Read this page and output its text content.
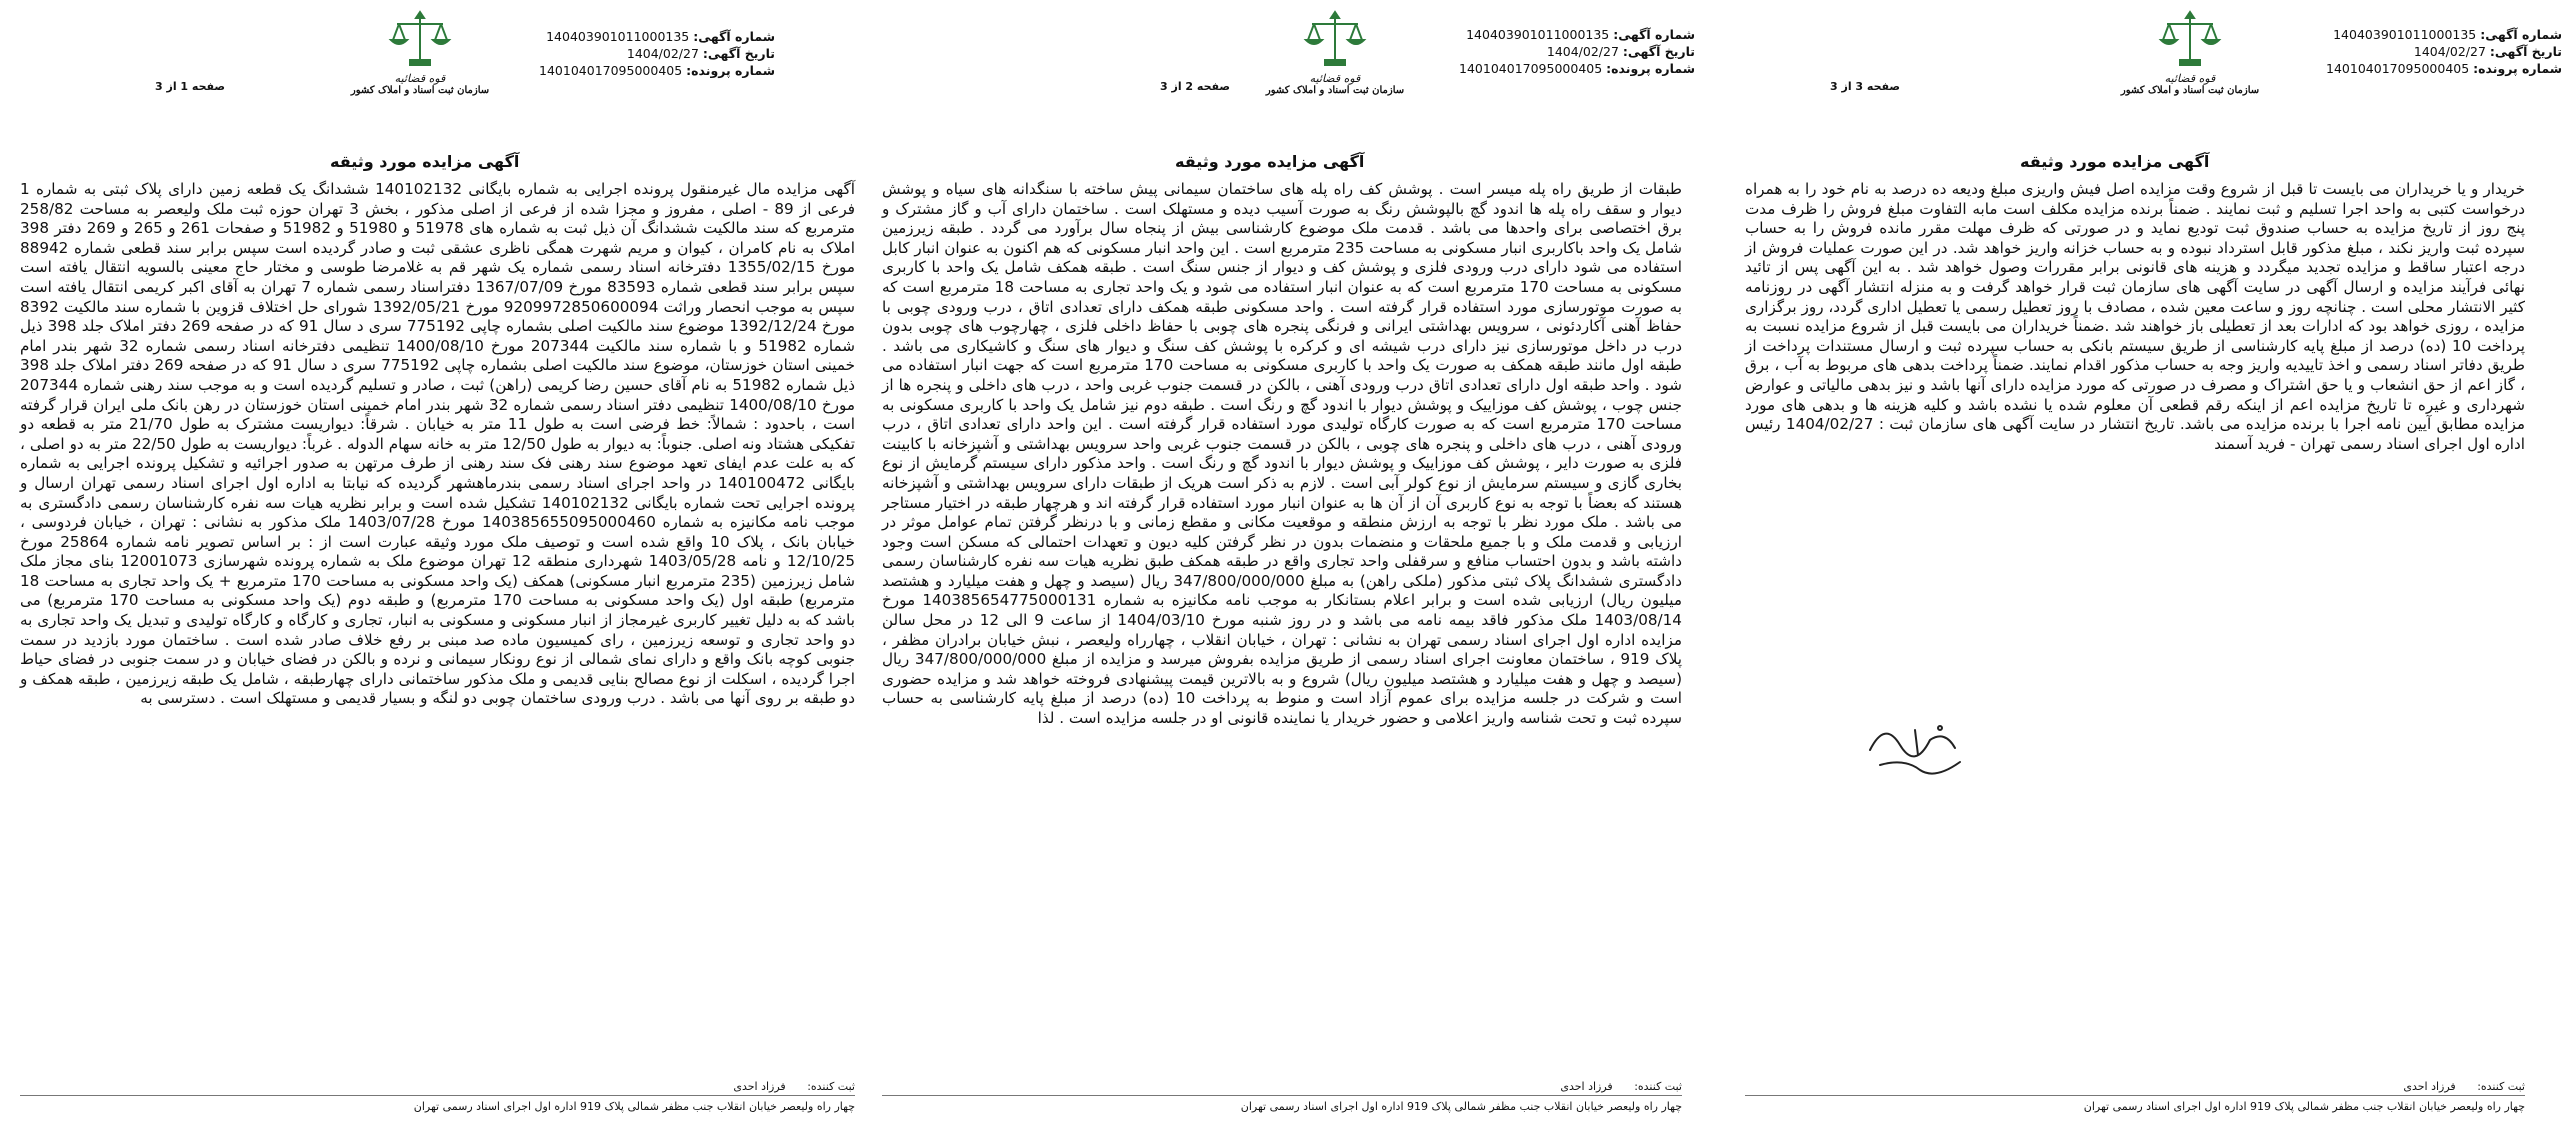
شماره آگهی: 140403901011000135
تاریخ آگهی: 1404/02/27
شماره پرونده: 140104017095000405
قوه قضائیه
سازمان ثبت اسناد و املاک کشور
صفحه 3 از 3
آگهی مزایده مورد وثیقه
خریدار و یا خریداران می بایست تا قبل از شروع وقت مزایده اصل فیش واریزی مبلغ ودیعه ده درصد به نام خود را به همراه درخواست کتبی به واحد اجرا تسلیم و ثبت نمایند . ضمناً برنده مزایده مکلف است مابه التفاوت مبلغ فروش را ظرف مدت پنج روز از تاریخ مزایده به حساب صندوق ثبت تودیع نماید و در صورتی که ظرف مهلت مقرر مانده فروش را به حساب سپرده ثبت واریز نکند ، مبلغ مذکور قابل استرداد نبوده و به حساب خزانه واریز خواهد شد. در این صورت عملیات فروش از درجه اعتبار ساقط و مزایده تجدید میگردد و هزینه های قانونی برابر مقررات وصول خواهد شد . به این آگهی پس از تائید نهائی فرآیند مزایده و ارسال آگهی در سایت آگهی های سازمان ثبت قرار خواهد گرفت و به منزله انتشار آگهی در روزنامه کثیر الانتشار محلی است . چنانچه روز و ساعت معین شده ، مصادف با روز تعطیل رسمی یا تعطیل اداری گردد، روز برگزاری مزایده ، روزی خواهد بود که ادارات بعد از تعطیلی باز خواهند شد .ضمناً خریداران می بایست قبل از شروع مزایده نسبت به پرداخت 10 (ده) درصد از مبلغ پایه کارشناسی از طریق سیستم بانکی به حساب سپرده ثبت و ارسال مستندات پرداخت از طریق دفاتر اسناد رسمی و اخذ تاییدیه واریز وجه به حساب مذکور اقدام نمایند. ضمناً پرداخت بدهی های مربوط به آب ، برق ، گاز اعم از حق انشعاب و یا حق اشتراک و مصرف در صورتی که مورد مزایده دارای آنها باشد و نیز بدهی مالیاتی و عوارض شهرداری و غیره تا تاریخ مزایده اعم از اینکه رقم قطعی آن معلوم شده یا نشده باشد و کلیه هزینه ها و بدهی های مورد مزایده مطابق آیین نامه اجرا با برنده مزایده می باشد. تاریخ انتشار در سایت آگهی های سازمان ثبت : 1404/02/27 رئیس اداره اول اجرای اسناد رسمی تهران - فرید آسمند
ثبت کننده: فرزاد احدی
چهار راه ولیعصر خیابان انقلاب جنب مظفر شمالی پلاک 919 اداره اول اجرای اسناد رسمی تهران
شماره آگهی: 140403901011000135
تاریخ آگهی: 1404/02/27
شماره پرونده: 140104017095000405
قوه قضائیه
سازمان ثبت اسناد و املاک کشور
صفحه 2 از 3
آگهی مزایده مورد وثیقه
طبقات از طریق راه پله میسر است . پوشش کف راه پله های ساختمان سیمانی پیش ساخته با سنگدانه های سیاه و پوشش دیوار و سقف راه پله ها اندود گچ بالپوشش رنگ به صورت آسیب دیده و مستهلک است . ساختمان دارای آب و گاز مشترک و برق اختصاصی برای واحدها می باشد . قدمت ملک موضوع کارشناسی بیش از پنجاه سال برآورد می گردد . طبقه زیرزمین شامل یک واحد باکاربری انبار مسکونی به مساحت 235 مترمربع است . این واحد انبار مسکونی که هم اکنون به عنوان انبار کابل استفاده می شود دارای درب ورودی فلزی و پوشش کف و دیوار از جنس سنگ است . طبقه همکف شامل یک واحد با کاربری مسکونی به مساحت 170 مترمربع است که به عنوان انبار استفاده می شود و یک واحد تجاری به مساحت 18 مترمربع است که به صورت موتورسازی مورد استفاده قرار گرفته است . واحد مسکونی طبقه همکف دارای تعدادی اتاق ، درب ورودی چوبی با حفاظ آهنی آکاردئونی ، سرویس بهداشتی ایرانی و فرنگی پنجره های چوبی با حفاظ داخلی فلزی ، چهارچوب های چوبی بدون درب در داخل موتورسازی نیز دارای درب شیشه ای و کرکره با پوشش کف سنگ و دیوار های سنگ و کاشیکاری می باشد . طبقه اول مانند طبقه همکف به صورت یک واحد با کاربری مسکونی به مساحت 170 مترمربع است که جهت انبار استفاده می شود . واحد طبقه اول دارای تعدادی اتاق درب ورودی آهنی ، بالکن در قسمت جنوب غربی واحد ، درب های داخلی و پنجره ها از جنس چوب ، پوشش کف موزاییک و پوشش دیوار با اندود گچ و رنگ است . طبقه دوم نیز شامل یک واحد با کاربری مسکونی به مساحت 170 مترمربع است که به صورت کارگاه تولیدی مورد استفاده قرار گرفته است . این واحد دارای تعدادی اتاق ، درب ورودی آهنی ، درب های داخلی و پنجره های چوبی ، بالکن در قسمت جنوب غربی واحد سرویس بهداشتی و آشپزخانه با کابینت فلزی به صورت دایر ، پوشش کف موزاییک و پوشش دیوار با اندود گچ و رنگ است . واحد مذکور دارای سیستم گرمایش از نوع بخاری گازی و سیستم سرمایش از نوع کولر آبی است . لازم به ذکر است هریک از طبقات دارای سرویس بهداشتی و آشپزخانه هستند که بعضاً با توجه به نوع کاربری آن از آن ها به عنوان انبار مورد استفاده قرار گرفته اند و هرچهار طبقه در اختیار مستاجر می باشد . ملک مورد نظر با توجه به ارزش منطقه و موقعیت مکانی و مقطع زمانی و با درنظر گرفتن تمام عوامل موثر در ارزیابی و قدمت ملک و با جمیع ملحقات و منضمات بدون در نظر گرفتن کلیه دیون و تعهدات احتمالی که مسکن است وجود داشته باشد و بدون احتساب منافع و سرقفلی واحد تجاری واقع در طبقه همکف طبق نظریه هیات سه نفره کارشناسان رسمی دادگستری ششدانگ پلاک ثبتی مذکور (ملکی راهن) به مبلغ 347/800/000/000 ریال (سیصد و چهل و هفت میلیارد و هشتصد میلیون ریال) ارزیابی شده است و برابر اعلام بستانکار به موجب نامه مکانیزه به شماره 140385654775000131 مورخ 1403/08/14 ملک مذکور فاقد بیمه نامه می باشد و در روز شنبه مورخ 1404/03/10 از ساعت 9 الی 12 در محل سالن مزایده اداره اول اجرای اسناد رسمی تهران به نشانی : تهران ، خیابان انقلاب ، چهارراه ولیعصر ، نبش خیابان برادران مظفر ، پلاک 919 ، ساختمان معاونت اجرای اسناد رسمی از طریق مزایده بفروش میرسد و مزایده از مبلغ 347/800/000/000 ریال (سیصد و چهل و هفت میلیارد و هشتصد میلیون ریال) شروع و به بالاترین قیمت پیشنهادی فروخته خواهد شد و مزایده حضوری است و شرکت در جلسه مزایده برای عموم آزاد است و منوط به پرداخت 10 (ده) درصد از مبلغ پایه کارشناسی به حساب سپرده ثبت و تحت شناسه واریز اعلامی و حضور خریدار یا نماینده قانونی او در جلسه مزایده است . لذا
ثبت کننده: فرزاد احدی
چهار راه ولیعصر خیابان انقلاب جنب مظفر شمالی پلاک 919 اداره اول اجرای اسناد رسمی تهران
شماره آگهی: 140403901011000135
تاریخ آگهی: 1404/02/27
شماره پرونده: 140104017095000405
قوه قضائیه
سازمان ثبت اسناد و املاک کشور
صفحه 1 از 3
آگهی مزایده مورد وثیقه
آگهی مزایده مال غیرمنقول پرونده اجرایی به شماره بایگانی 140102132 ششدانگ یک قطعه زمین دارای پلاک ثبتی به شماره 1 فرعی از 89 - اصلی ، مفروز و مجزا شده از فرعی از اصلی مذکور ، بخش 3 تهران حوزه ثبت ملک ولیعصر به مساحت 258/82 مترمربع که سند مالکیت ششدانگ آن ذیل ثبت به شماره های 51978 و 51980 و 51982 و صفحات 261 و 265 و 269 دفتر 398 املاک به نام کامران ، کیوان و مریم شهرت همگی ناظری عشقی ثبت و صادر گردیده است سپس برابر سند قطعی شماره 88942 مورخ 1355/02/15 دفترخانه اسناد رسمی شماره یک شهر قم به غلامرضا طوسی و مختار حاج معینی بالسویه انتقال یافته است سپس برابر سند قطعی شماره 83593 مورخ 1367/07/09 دفتراسناد رسمی شماره 7 تهران به آقای اکبر کریمی انتقال یافته است سپس به موجب انحصار وراثت 9209972850600094 مورخ 1392/05/21 شورای حل اختلاف قزوین با شماره سند مالکیت 8392 مورخ 1392/12/24 موضوع سند مالکیت اصلی بشماره چاپی 775192 سری د سال 91 که در صفحه 269 دفتر املاک جلد 398 ذیل شماره 51982 و با شماره سند مالکیت 207344 مورخ 1400/08/10 تنظیمی دفترخانه اسناد رسمی شماره 32 شهر بندر امام خمینی استان خوزستان، موضوع سند مالکیت اصلی بشماره چاپی 775192 سری د سال 91 که در صفحه 269 دفتر املاک جلد 398 ذیل شماره 51982 به نام آقای حسین رضا کریمی (راهن) ثبت ، صادر و تسلیم گردیده است و به موجب سند رهنی شماره 207344 مورخ 1400/08/10 تنظیمی دفتر اسناد رسمی شماره 32 شهر بندر امام خمینی استان خوزستان در رهن بانک ملی ایران قرار گرفته است ، باحدود : شمالاً: خط فرضی است به طول 11 متر به خیابان . شرقاً: دیواریست مشترک به طول 21/70 متر به قطعه دو تفکیکی هشتاد ونه اصلی. جنوباً: به دیوار به طول 12/50 متر به خانه سهام الدوله . غرباً: دیواریست به طول 22/50 متر به دو اصلی ، که به علت عدم ایفای تعهد موضوع سند رهنی فک سند رهنی از طرف مرتهن به صدور اجرائیه و تشکیل پرونده اجرایی به شماره بایگانی 140100472 در واحد اجرای اسناد رسمی بندرماهشهر گردیده که نیابتا به اداره اول اجرای اسناد رسمی تهران ارسال و پرونده اجرایی تحت شماره بایگانی 140102132 تشکیل شده است و برابر نظریه هیات سه نفره کارشناسان رسمی دادگستری به موجب نامه مکانیزه به شماره 140385655095000460 مورخ 1403/07/28 ملک مذکور به نشانی : تهران ، خیابان فردوسی ، خیابان بانک ، پلاک 10 واقع شده است و توصیف ملک مورد وثیقه عبارت است از : بر اساس تصویر نامه شماره 25864 مورخ 12/10/25 و نامه 1403/05/28 شهرداری منطقه 12 تهران موضوع ملک به شماره پرونده شهرسازی 12001073 بنای مجاز ملک شامل زیرزمین (235 مترمربع انبار مسکونی) همکف (یک واحد مسکونی به مساحت 170 مترمربع + یک واحد تجاری به مساحت 18 مترمربع) طبقه اول (یک واحد مسکونی به مساحت 170 مترمربع) و طبقه دوم (یک واحد مسکونی به مساحت 170 مترمربع) می باشد که به دلیل تغییر کاربری غیرمجاز از انبار مسکونی و مسکونی به انبار، تجاری و کارگاه و کارگاه تولیدی و تبدیل یک واحد تجاری به دو واحد تجاری و توسعه زیرزمین ، رای کمیسیون ماده صد مبنی بر رفع خلاف صادر شده است . ساختمان مورد بازدید در سمت جنوبی کوچه بانک واقع و دارای نمای شمالی از نوع رونکار سیمانی و نرده و بالکن در فضای خیابان و در سمت جنوبی در فضای حیاط اجرا گردیده ، اسکلت از نوع مصالح بنایی قدیمی و ملک مذکور ساختمانی دارای چهارطبقه ، شامل یک طبقه زیرزمین ، طبقه همکف و دو طبقه بر روی آنها می باشد . درب ورودی ساختمان چوبی دو لنگه و بسیار قدیمی و مستهلک است . دسترسی به
ثبت کننده: فرزاد احدی
چهار راه ولیعصر خیابان انقلاب جنب مظفر شمالی پلاک 919 اداره اول اجرای اسناد رسمی تهران
